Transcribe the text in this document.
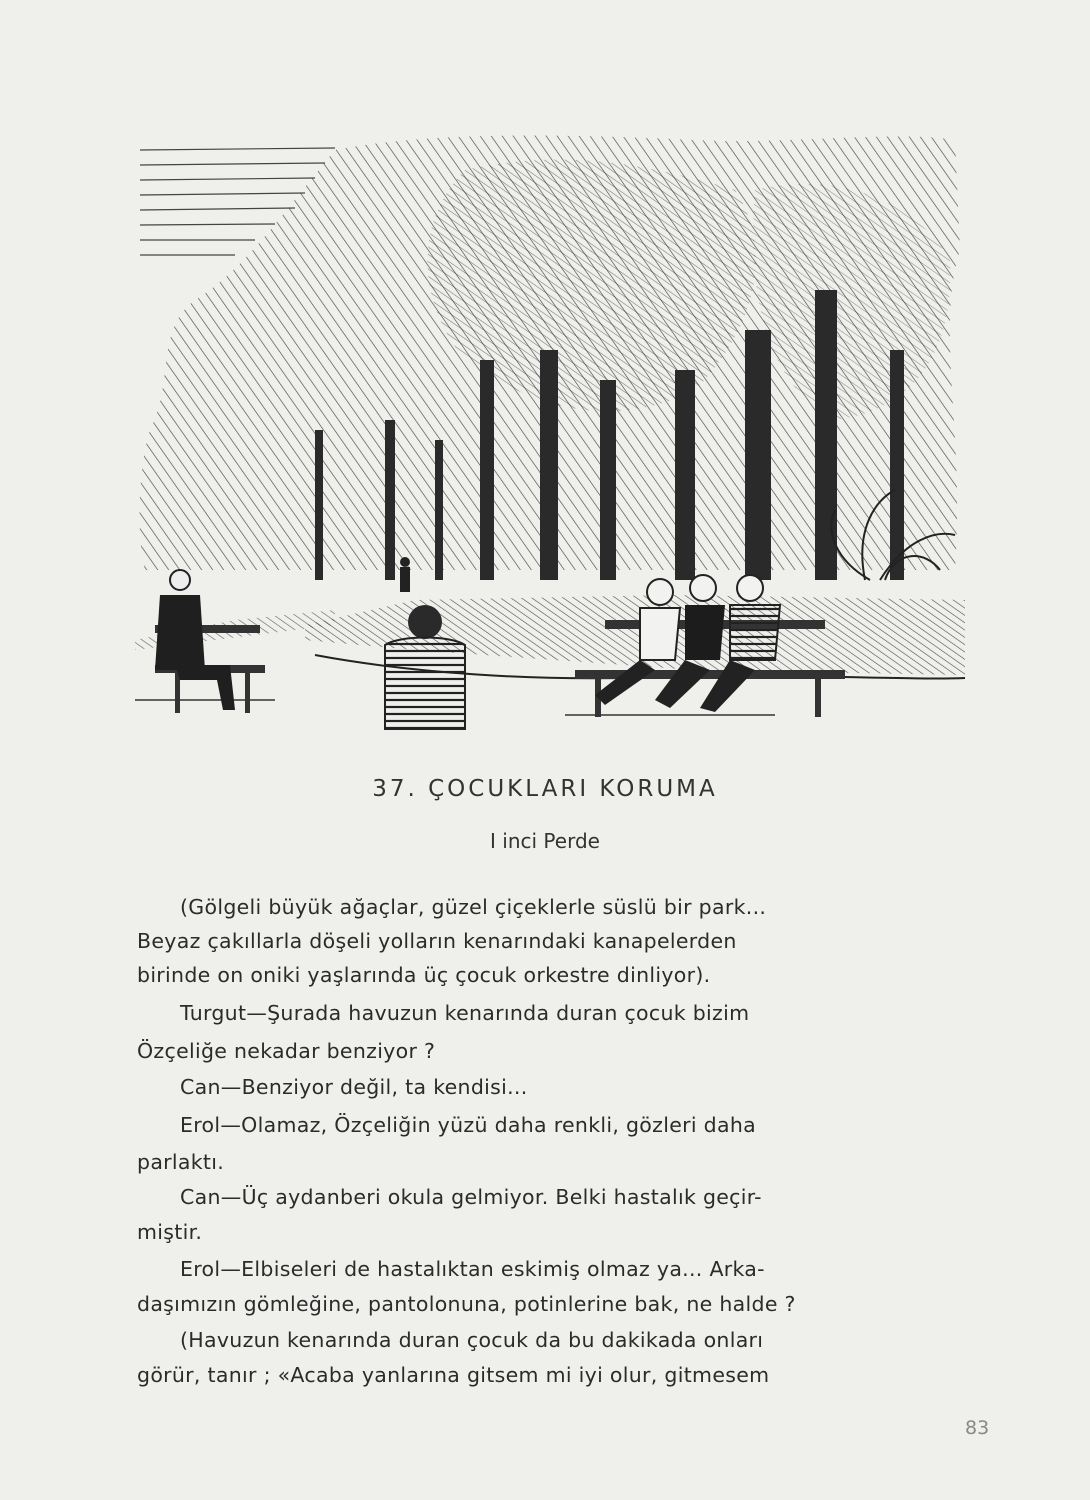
37. ÇOCUKLARI KORUMA
I inci Perde
(Gölgeli büyük ağaçlar, güzel çiçeklerle süslü bir park...
Beyaz çakıllarla döşeli yolların kenarındaki kanapelerden
birinde on oniki yaşlarında üç çocuk orkestre dinliyor).
Turgut—Şurada havuzun kenarında duran çocuk bizim
Özçeliğe nekadar benziyor ?
Can—Benziyor değil, ta kendisi...
Erol—Olamaz, Özçeliğin yüzü daha renkli, gözleri daha
parlaktı.
Can—Üç aydanberi okula gelmiyor. Belki hastalık geçir-
miştir.
Erol—Elbiseleri de hastalıktan eskimiş olmaz ya... Arka-
daşımızın gömleğine, pantolonuna, potinlerine bak, ne halde ?
(Havuzun kenarında duran çocuk da bu dakikada onları
görür, tanır ; «Acaba yanlarına gitsem mi iyi olur, gitmesem
83
